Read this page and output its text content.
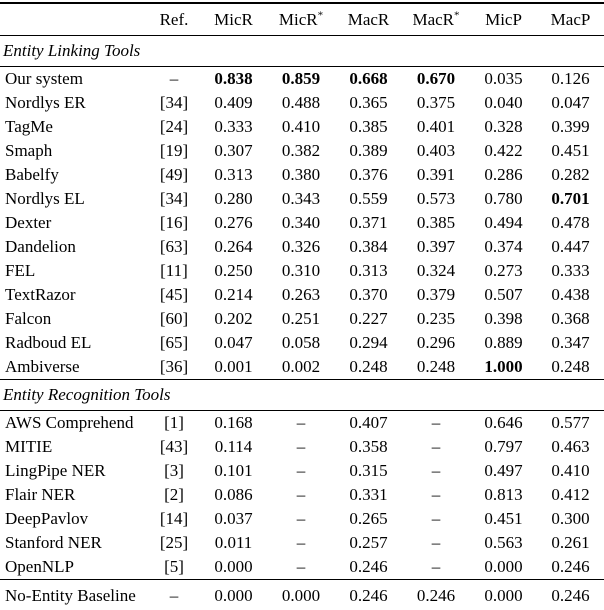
	Ref.	MicR	MicR*	MacR	MacR*	MicP	MacP
Entity Linking Tools							
Our system	–	0.838	0.859	0.668	0.670	0.035	0.126
Nordlys ER	[34]	0.409	0.488	0.365	0.375	0.040	0.047
TagMe	[24]	0.333	0.410	0.385	0.401	0.328	0.399
Smaph	[19]	0.307	0.382	0.389	0.403	0.422	0.451
Babelfy	[49]	0.313	0.380	0.376	0.391	0.286	0.282
Nordlys EL	[34]	0.280	0.343	0.559	0.573	0.780	0.701
Dexter	[16]	0.276	0.340	0.371	0.385	0.494	0.478
Dandelion	[63]	0.264	0.326	0.384	0.397	0.374	0.447
FEL	[11]	0.250	0.310	0.313	0.324	0.273	0.333
TextRazor	[45]	0.214	0.263	0.370	0.379	0.507	0.438
Falcon	[60]	0.202	0.251	0.227	0.235	0.398	0.368
Radboud EL	[65]	0.047	0.058	0.294	0.296	0.889	0.347
Ambiverse	[36]	0.001	0.002	0.248	0.248	1.000	0.248
Entity Recognition Tools							
AWS Comprehend	[1]	0.168	–	0.407	–	0.646	0.577
MITIE	[43]	0.114	–	0.358	–	0.797	0.463
LingPipe NER	[3]	0.101	–	0.315	–	0.497	0.410
Flair NER	[2]	0.086	–	0.331	–	0.813	0.412
DeepPavlov	[14]	0.037	–	0.265	–	0.451	0.300
Stanford NER	[25]	0.011	–	0.257	–	0.563	0.261
OpenNLP	[5]	0.000	–	0.246	–	0.000	0.246
No-Entity Baseline	–	0.000	0.000	0.246	0.246	0.000	0.246
